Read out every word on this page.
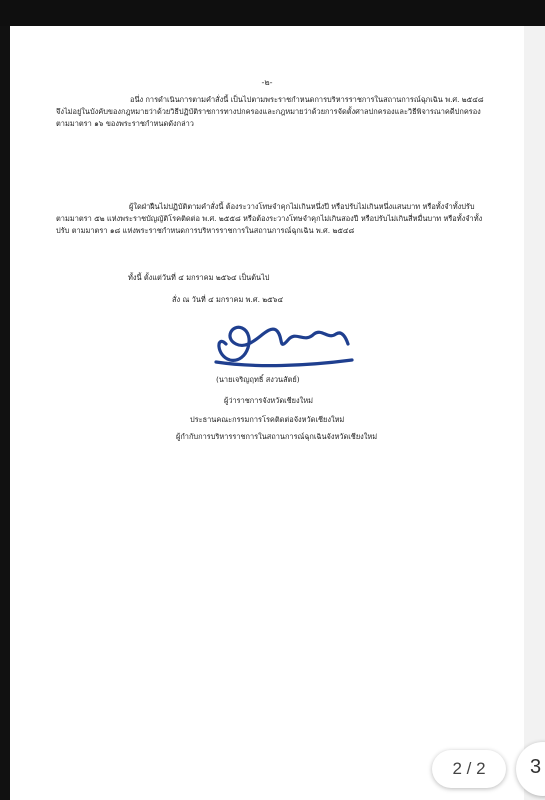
-๒-
อนึ่ง การดำเนินการตามคำสั่งนี้ เป็นไปตามพระราชกำหนดการบริหารราชการในสถานการณ์ฉุกเฉิน พ.ศ. ๒๕๔๘ จึงไม่อยู่ในบังคับของกฎหมายว่าด้วยวิธีปฏิบัติราชการทางปกครองและกฎหมายว่าด้วยการจัดตั้งศาลปกครองและวิธีพิจารณาคดีปกครอง ตามมาตรา ๑๖ ของพระราชกำหนดดังกล่าว
ผู้ใดฝ่าฝืนไม่ปฏิบัติตามคำสั่งนี้ ต้องระวางโทษจำคุกไม่เกินหนึ่งปี หรือปรับไม่เกินหนึ่งแสนบาท หรือทั้งจำทั้งปรับ ตามมาตรา ๕๒ แห่งพระราชบัญญัติโรคติดต่อ พ.ศ. ๒๕๕๘ หรือต้องระวางโทษจำคุกไม่เกินสองปี หรือปรับไม่เกินสี่หมื่นบาท หรือทั้งจำทั้งปรับ ตามมาตรา ๑๘ แห่งพระราชกำหนดการบริหารราชการในสถานการณ์ฉุกเฉิน พ.ศ. ๒๕๔๘
ทั้งนี้ ตั้งแต่วันที่ ๔ มกราคม ๒๕๖๔ เป็นต้นไป
สั่ง ณ วันที่ ๔ มกราคม พ.ศ. ๒๕๖๔
(นายเจริญฤทธิ์ สงวนสัตย์)
ผู้ว่าราชการจังหวัดเชียงใหม่
ประธานคณะกรรมการโรคติดต่อจังหวัดเชียงใหม่
ผู้กำกับการบริหารราชการในสถานการณ์ฉุกเฉินจังหวัดเชียงใหม่
2 / 2	3
